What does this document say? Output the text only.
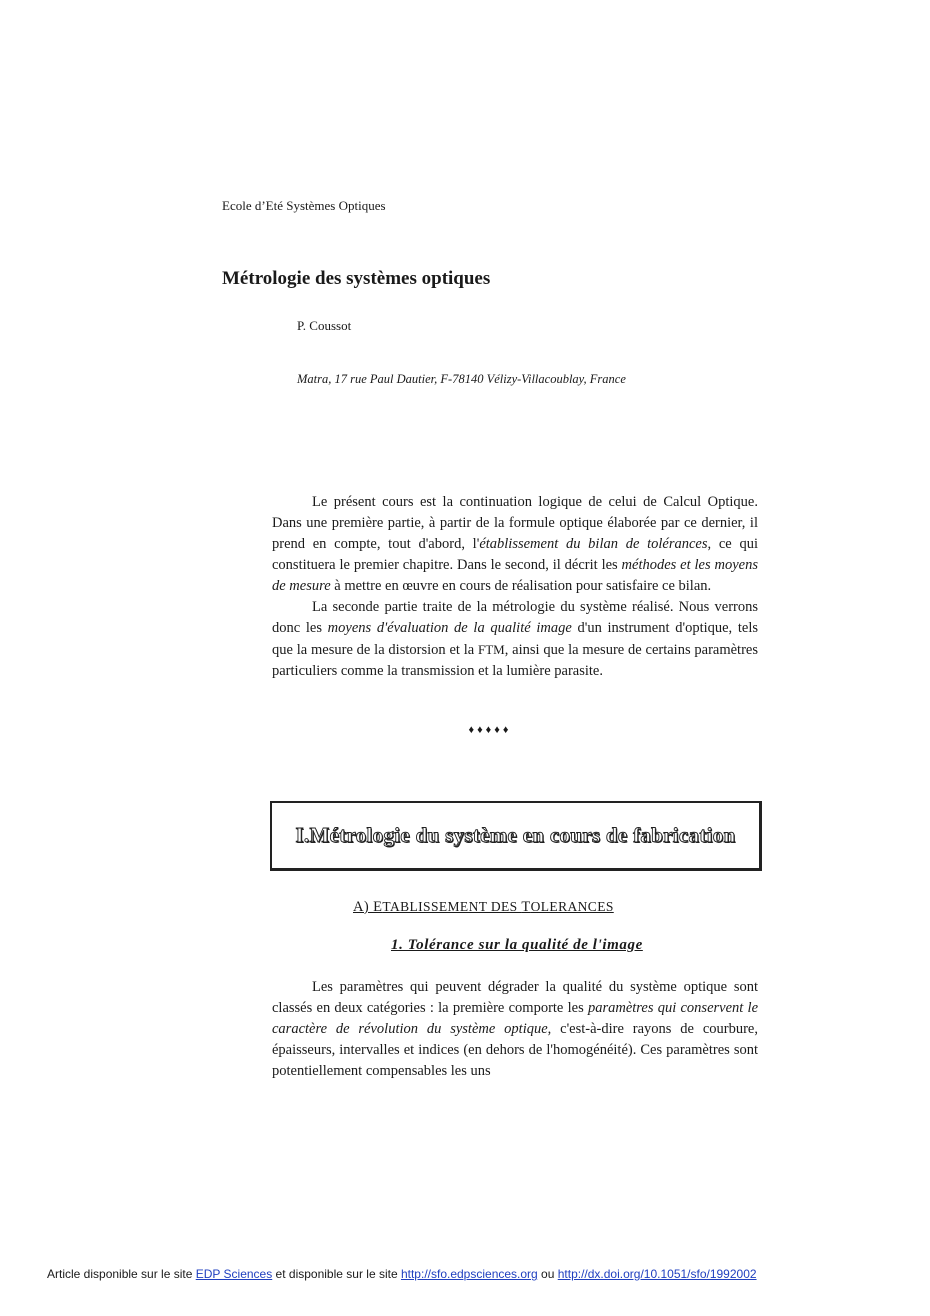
Ecole d’Eté Systèmes Optiques
Métrologie des systèmes optiques
P. Coussot
Matra, 17 rue Paul Dautier, F-78140 Vélizy-Villacoublay, France

Le présent cours est la continuation logique de celui de Calcul Optique. Dans une première partie, à partir de la formule optique élaborée par ce dernier, il prend en compte, tout d'abord, l'établissement du bilan de tolérances, ce qui constituera le premier chapitre. Dans le second, il décrit les méthodes et les moyens de mesure à mettre en œuvre en cours de réalisation pour satisfaire ce bilan.

La seconde partie traite de la métrologie du système réalisé. Nous verrons donc les moyens d'évaluation de la qualité image d'un instrument d'optique, tels que la mesure de la distorsion et la FTM, ainsi que la mesure de certains paramètres particuliers comme la transmission et la lumière parasite.

♦♦♦♦♦
I.Métrologie du système en cours de fabrication
A) ETABLISSEMENT DES TOLERANCES
1. Tolérance sur la qualité de l'image

Les paramètres qui peuvent dégrader la qualité du système optique sont classés en deux catégories : la première comporte les paramètres qui conservent le caractère de révolution du système optique, c'est-à-dire rayons de courbure, épaisseurs, intervalles et indices (en dehors de l'homogénéité). Ces paramètres sont potentiellement compensables les uns

Article disponible sur le site EDP Sciences et disponible sur le site http://sfo.edpsciences.org ou http://dx.doi.org/10.1051/sfo/1992002
